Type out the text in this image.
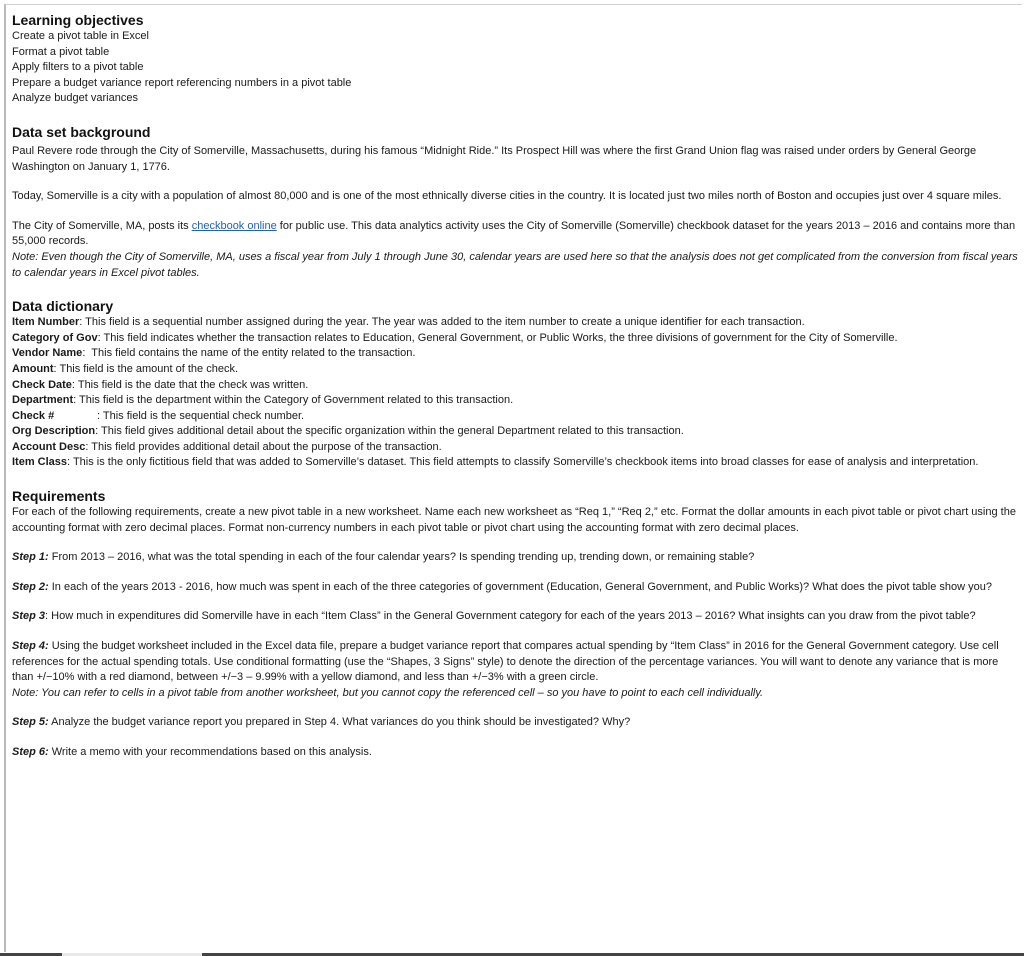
Learning objectives

Create a pivot table in Excel

Format a pivot table

Apply filters to a pivot table

Prepare a budget variance report referencing numbers in a pivot table

Analyze budget variances

Data set background

Paul Revere rode through the City of Somerville, Massachusetts, during his famous “Midnight Ride.” Its Prospect Hill was where the first Grand Union flag was raised under orders by General George Washington on January 1, 1776.

Today, Somerville is a city with a population of almost 80,000 and is one of the most ethnically diverse cities in the country. It is located just two miles north of Boston and occupies just over 4 square miles.

The City of Somerville, MA, posts its checkbook online for public use. This data analytics activity uses the City of Somerville (Somerville) checkbook dataset for the years 2013 – 2016 and contains more than 55,000 records.

Note: Even though the City of Somerville, MA, uses a fiscal year from July 1 through June 30, calendar years are used here so that the analysis does not get complicated from the conversion from fiscal years to calendar years in Excel pivot tables.

Data dictionary

Item Number: This field is a sequential number assigned during the year. The year was added to the item number to create a unique identifier for each transaction.

Category of Gov: This field indicates whether the transaction relates to Education, General Government, or Public Works, the three divisions of government for the City of Somerville.

Vendor Name:  This field contains the name of the entity related to the transaction.

Amount: This field is the amount of the check.

Check Date: This field is the date that the check was written.

Department: This field is the department within the Category of Government related to this transaction.

Check #              : This field is the sequential check number.

Org Description: This field gives additional detail about the specific organization within the general Department related to this transaction.

Account Desc: This field provides additional detail about the purpose of the transaction.

Item Class: This is the only fictitious field that was added to Somerville’s dataset. This field attempts to classify Somerville’s checkbook items into broad classes for ease of analysis and interpretation.

Requirements

For each of the following requirements, create a new pivot table in a new worksheet. Name each new worksheet as “Req 1,” “Req 2,” etc. Format the dollar amounts in each pivot table or pivot chart using the accounting format with zero decimal places. Format non-currency numbers in each pivot table or pivot chart using the accounting format with zero decimal places.

Step 1: From 2013 – 2016, what was the total spending in each of the four calendar years? Is spending trending up, trending down, or remaining stable?

Step 2: In each of the years 2013 - 2016, how much was spent in each of the three categories of government (Education, General Government, and Public Works)? What does the pivot table show you?

Step 3: How much in expenditures did Somerville have in each “Item Class” in the General Government category for each of the years 2013 – 2016? What insights can you draw from the pivot table?

Step 4: Using the budget worksheet included in the Excel data file, prepare a budget variance report that compares actual spending by “Item Class” in 2016 for the General Government category. Use cell references for the actual spending totals. Use conditional formatting (use the “Shapes, 3 Signs” style) to denote the direction of the percentage variances. You will want to denote any variance that is more than +/−10% with a red diamond, between +/−3 – 9.99% with a yellow diamond, and less than +/−3% with a green circle.

Note: You can refer to cells in a pivot table from another worksheet, but you cannot copy the referenced cell – so you have to point to each cell individually.

Step 5: Analyze the budget variance report you prepared in Step 4. What variances do you think should be investigated? Why?

Step 6: Write a memo with your recommendations based on this analysis.
